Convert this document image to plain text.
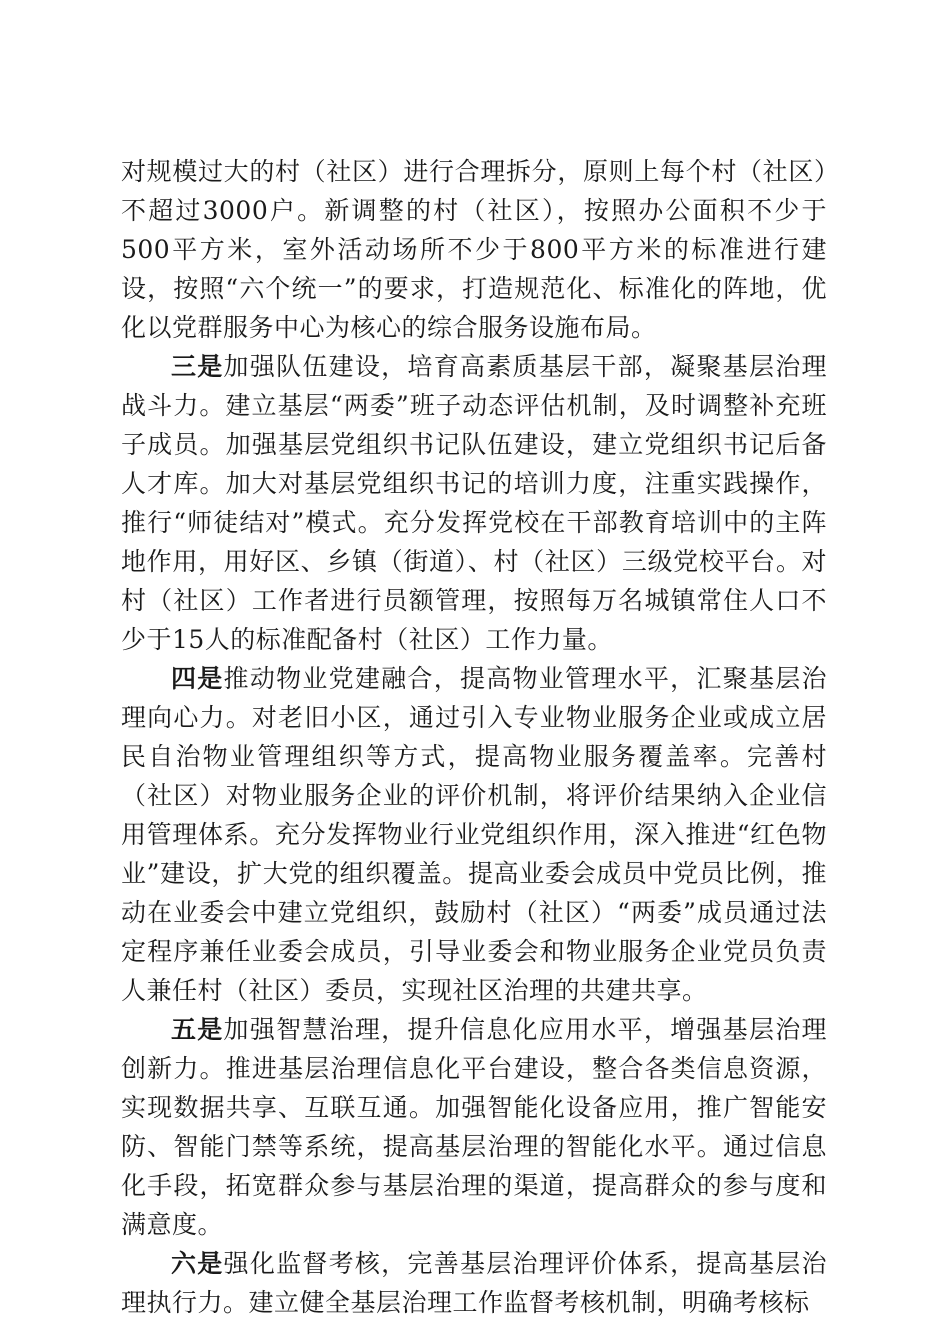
对规模过大的村（社区）进行合理拆分，原则上每个村（社区）不超过3000户。新调整的村（社区），按照办公面积不少于500平方米，室外活动场所不少于800平方米的标准进行建设，按照“六个统一”的要求，打造规范化、标准化的阵地，优化以党群服务中心为核心的综合服务设施布局。

三是加强队伍建设，培育高素质基层干部，凝聚基层治理战斗力。建立基层“两委”班子动态评估机制，及时调整补充班子成员。加强基层党组织书记队伍建设，建立党组织书记后备人才库。加大对基层党组织书记的培训力度，注重实践操作，推行“师徒结对”模式。充分发挥党校在干部教育培训中的主阵地作用，用好区、乡镇（街道）、村（社区）三级党校平台。对村（社区）工作者进行员额管理，按照每万名城镇常住人口不少于15人的标准配备村（社区）工作力量。

四是推动物业党建融合，提高物业管理水平，汇聚基层治理向心力。对老旧小区，通过引入专业物业服务企业或成立居民自治物业管理组织等方式，提高物业服务覆盖率。完善村（社区）对物业服务企业的评价机制，将评价结果纳入企业信用管理体系。充分发挥物业行业党组织作用，深入推进“红色物业”建设，扩大党的组织覆盖。提高业委会成员中党员比例，推动在业委会中建立党组织，鼓励村（社区）“两委”成员通过法定程序兼任业委会成员，引导业委会和物业服务企业党员负责人兼任村（社区）委员，实现社区治理的共建共享。

五是加强智慧治理，提升信息化应用水平，增强基层治理创新力。推进基层治理信息化平台建设，整合各类信息资源，实现数据共享、互联互通。加强智能化设备应用，推广智能安防、智能门禁等系统，提高基层治理的智能化水平。通过信息化手段，拓宽群众参与基层治理的渠道，提高群众的参与度和满意度。

六是强化监督考核，完善基层治理评价体系，提高基层治理执行力。建立健全基层治理工作监督考核机制，明确考核标
